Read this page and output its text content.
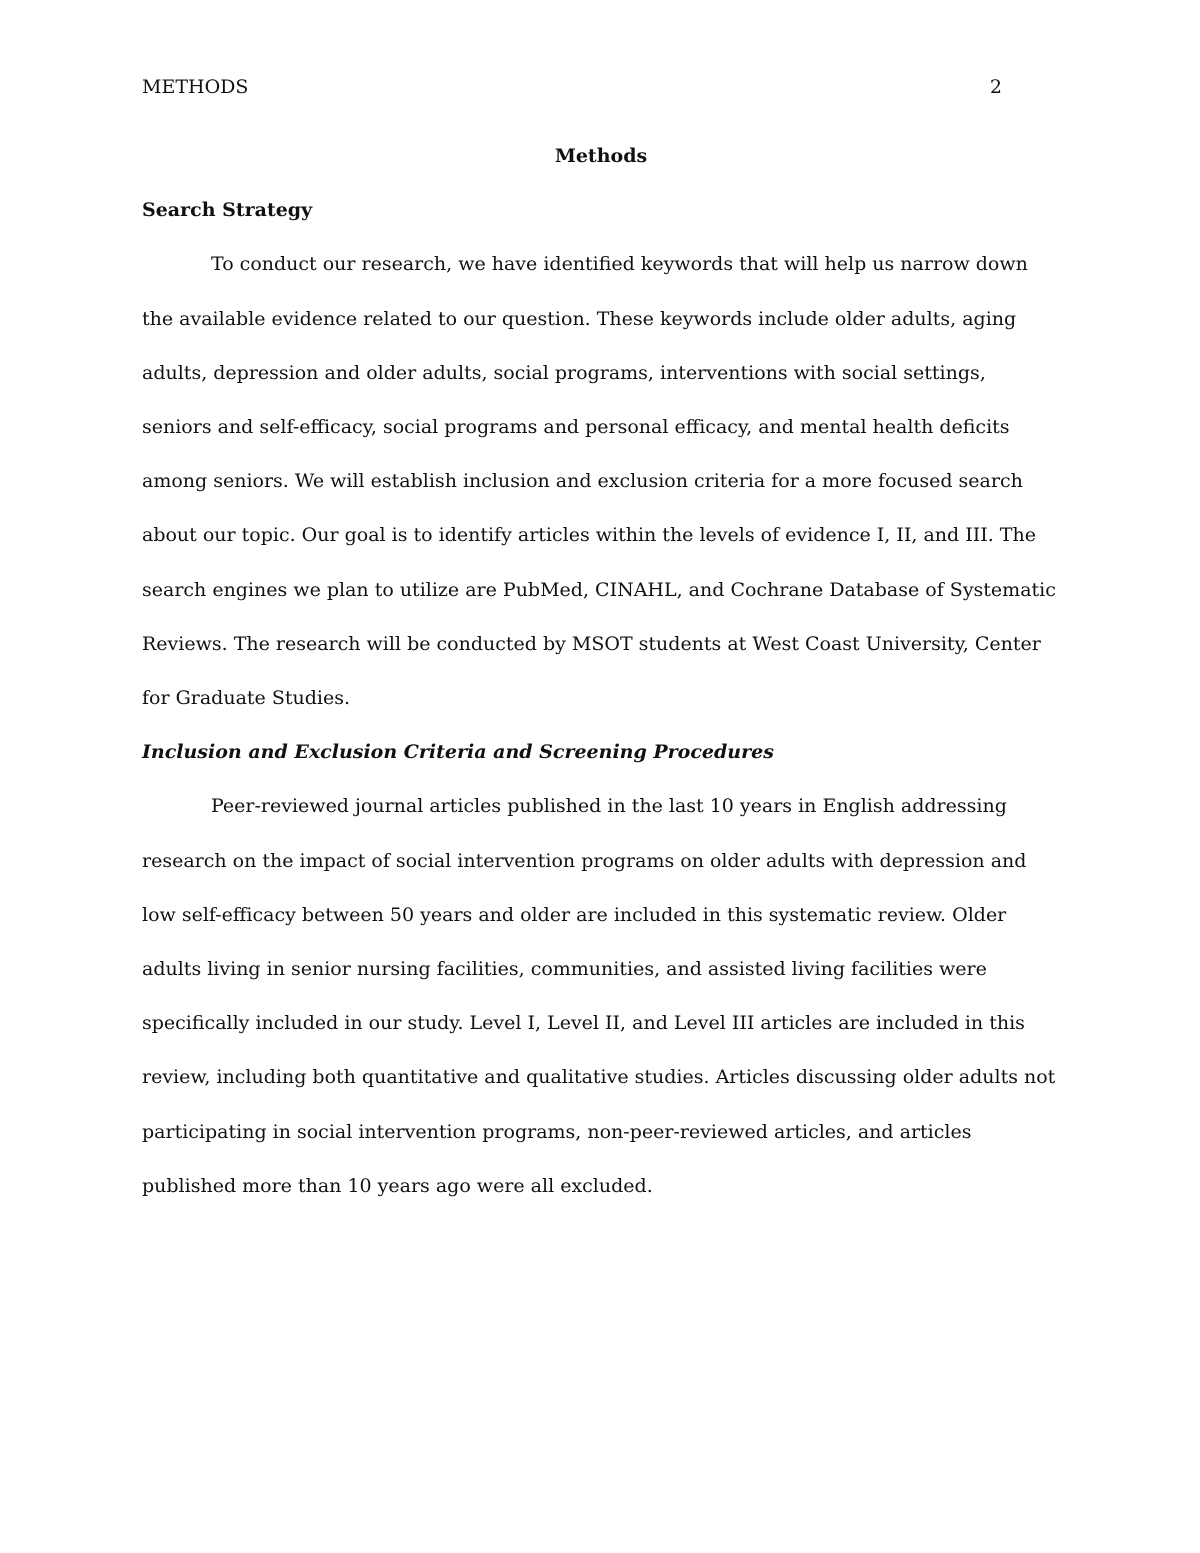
METHODS	2

Methods

Search Strategy

To conduct our research, we have identified keywords that will help us narrow down the available evidence related to our question. These keywords include older adults, aging adults, depression and older adults, social programs, interventions with social settings, seniors and self-efficacy, social programs and personal efficacy, and mental health deficits among seniors. We will establish inclusion and exclusion criteria for a more focused search about our topic. Our goal is to identify articles within the levels of evidence I, II, and III. The search engines we plan to utilize are PubMed, CINAHL, and Cochrane Database of Systematic Reviews. The research will be conducted by MSOT students at West Coast University, Center for Graduate Studies.

Inclusion and Exclusion Criteria and Screening Procedures

Peer-reviewed journal articles published in the last 10 years in English addressing research on the impact of social intervention programs on older adults with depression and low self-efficacy between 50 years and older are included in this systematic review. Older adults living in senior nursing facilities, communities, and assisted living facilities were specifically included in our study. Level I, Level II, and Level III articles are included in this review, including both quantitative and qualitative studies. Articles discussing older adults not participating in social intervention programs, non-peer-reviewed articles, and articles published more than 10 years ago were all excluded.
